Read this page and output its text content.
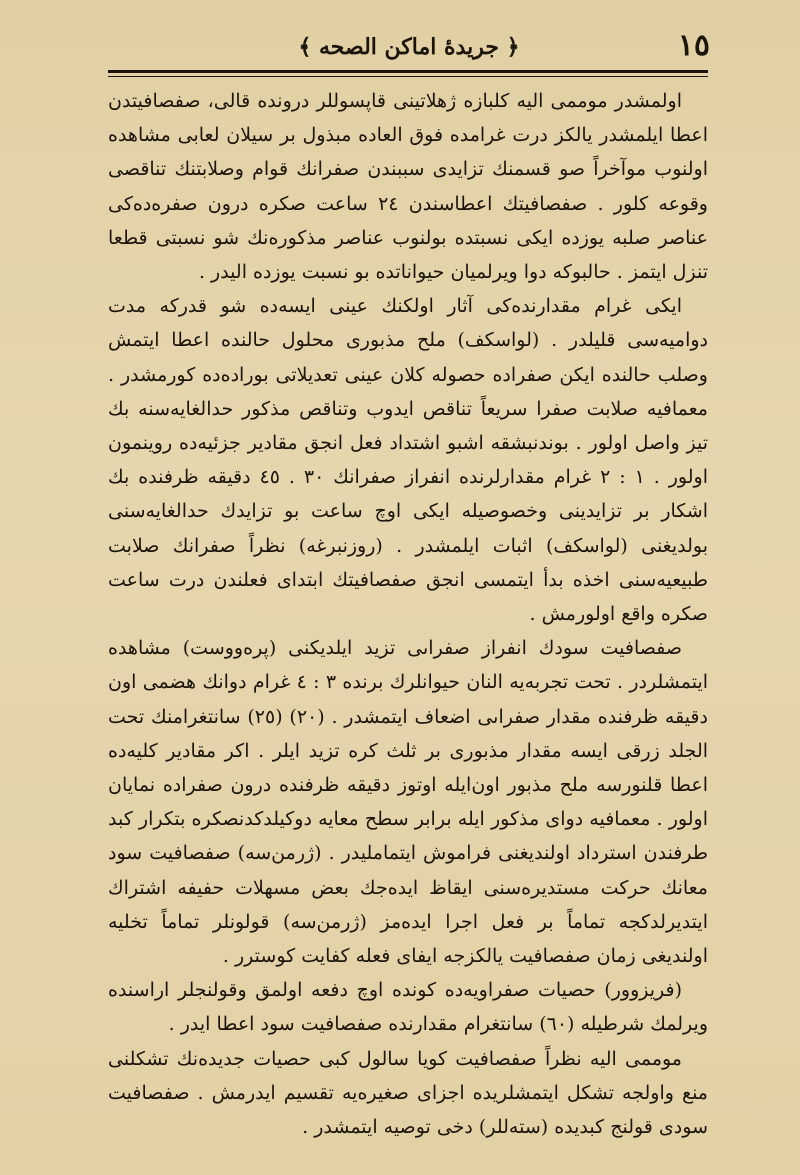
١٥
﴿ جريدهٔ اماكن الصحه ﴾

اولمشدر موممى اليه كلبازه ژهلاتينى قاپسوللر درونده قالى، صفصافيتدن اعطا ايلمشدر يالكز درت غرامده فوق العاده مبذول بر سيلان لعابى مشاهده اولنوب موآخراً صو قسمنك تزايدى سببندن صفرانك قوام وصلابتنك تناقصى وقوعه كلور . صفصافيتك اعطاسندن ٢٤ ساعت صكره درون صفره‌ده‌كى عناصر صلبه يوزده ايكى نسبتده بولنوب عناصر مذكوره‌نك شو نسبتى قطعا تنزل ايتمز . حالبوكه دوا ويرلميان حيواناتده بو نسبت يوزده اليدر .

ايكى غرام مقدارنده‌كى آثار اولكنك عينى ايسه‌ده شو قدركه مدت دواميه‌سى قليلدر . (لواسكف) ملح مذبورى محلول حالنده اعطا ايتمش وصلب حالنده ايكن صفراده حصوله كلان عينى تعديلاتى بوراده‌ده كورمشدر . معمافيه صلابت صفرا سريعاً تناقص ايدوب وتناقص مذكور حدالغايه‌سنه بك تيز واصل اولور . بوندنبشقه اشبو اشتداد فعل انجق مقادير جزئيه‌ده روينمون اولور . ١ : ٢ غرام مقدارلرنده انفراز صفرانك ٣٠ . ٤٥ دقيقه ظرفنده بك اشكار بر تزايدينى وخصوصيله ايكى اوچ ساعت بو تزايدك حدالغايه‌سنى بولديغنى (لواسكف) اثبات ايلمشدر . (روزنبرغه) نظراً صفرانك صلابت طبيعيه‌سنى اخذه بدأ ايتمسى انجق صفصافيتك ابتداى فعلندن درت ساعت صكره واقع اولورمش .

صفصافيت سودك انفراز صفراىى تزيد ايلديكنى (پره‌ووست) مشاهده ايتمشلردر . تحت تجربه‌يه النان حيوانلرك برنده ٣ : ٤ غرام دوانك هضمى اون دقيقه ظرفنده مقدار صفراىى اضعاف ايتمشدر . (٢٠) (٢٥) سانتغرامنك تحت الجلد زرقى ايسه مقدار مذبورى بر ثلث كره تزيد ايلر . اكر مقادير كليه‌ده اعطا قلنورسه ملح مذبور اون‌ايله اوتوز دقيقه ظرفنده درون صفراده نمايان اولور . معمافيه دواى مذكور ايله برابر سطح معايه دوكيلدكدنصكره بتكرار كبد طرفندن استرداد اولنديغنى فراموش ايتمامليدر . (ژرمن‌سه) صفصافيت سود معانك حركت مستديره‌سنى ايقاظ ايده‌جك بعض مسهلات حفيفه اشتراك ايتديرلدكجه تماماً بر فعل اجرا ايده‌مز (ژرمن‌سه) قولونلر تماماً تخليه اولنديغى زمان صفصافيت يالكزجه ايفاى فعله كفايت كوسترر .

(فريزوور) حصيات صفراويه‌ده كونده اوچ دفعه اولمق وقولنجلر ارا‌سنده ويرلمك شرطيله (٦٠) سانتغرام مقدارنده صفصافيت سود اعطا ايدر .

موممى اليه نظراً صفصافيت كويا سالول كبى حصيات جديده‌نك تشكلنى منع واولجه تشكل ايتمشلريده اجزاى صغيره‌يه تقسيم ايدرمش . صفصافيت سودى قولنج كبديده (سته‌للر) دخى توصيه ايتمشدر .
